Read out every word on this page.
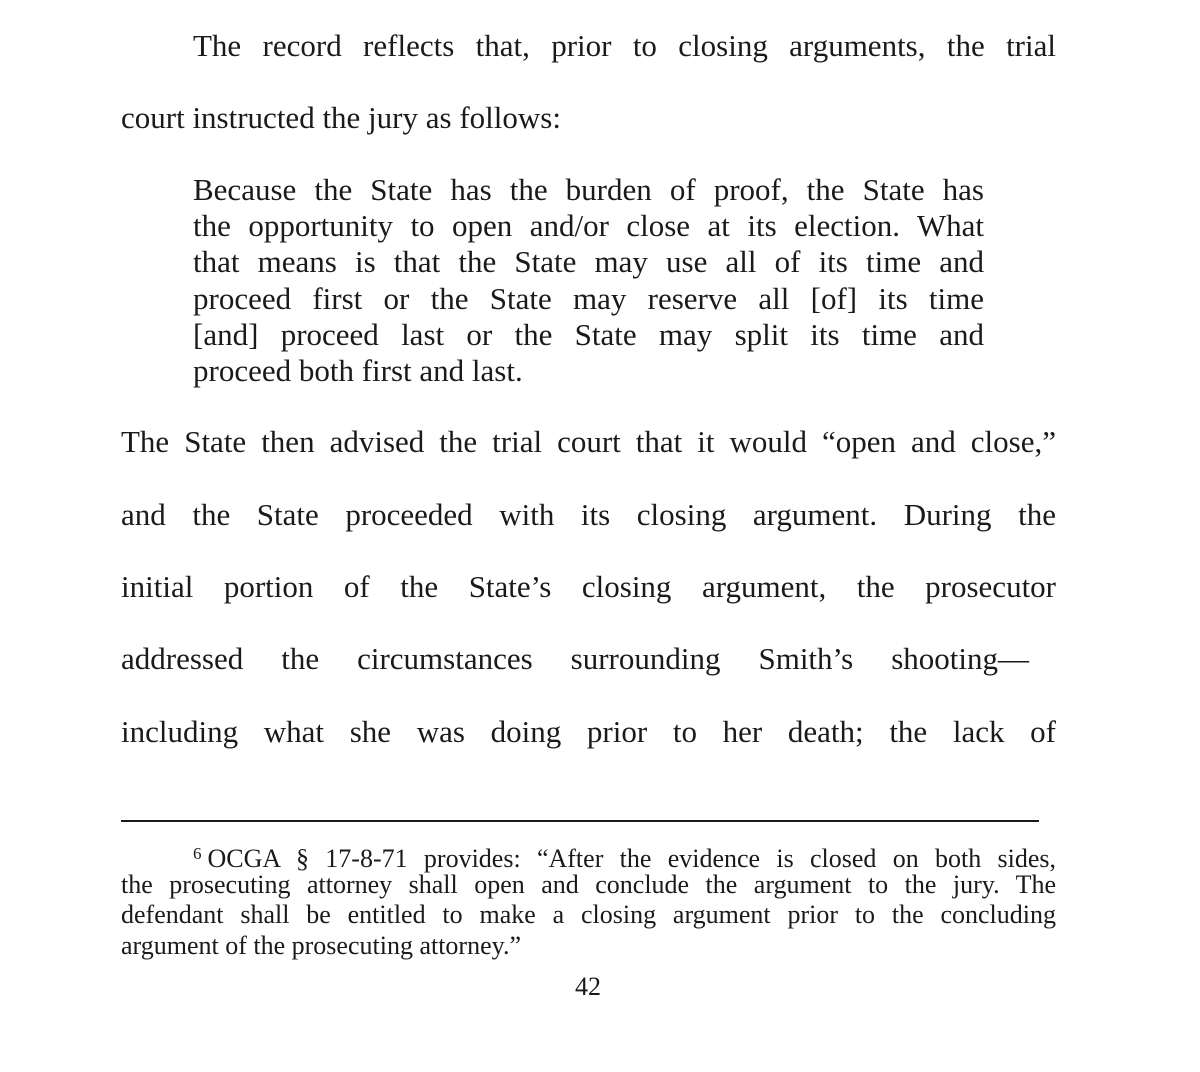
The record reflects that, prior to closing arguments, the trial
court instructed the jury as follows:
Because the State has the burden of proof, the State has
the opportunity to open and/or close at its election. What
that means is that the State may use all of its time and
proceed first or the State may reserve all [of] its time
[and] proceed last or the State may split its time and
proceed both first and last.
The State then advised the trial court that it would “open and close,”
and the State proceeded with its closing argument. During the
initial portion of the State’s closing argument, the prosecutor
addressed the circumstances surrounding Smith’s shooting—
including what she was doing prior to her death; the lack of
$^6$ OCGA § 17-8-71 provides: “After the evidence is closed on both sides,
the prosecuting attorney shall open and conclude the argument to the jury. The
defendant shall be entitled to make a closing argument prior to the concluding
argument of the prosecuting attorney.”
42
